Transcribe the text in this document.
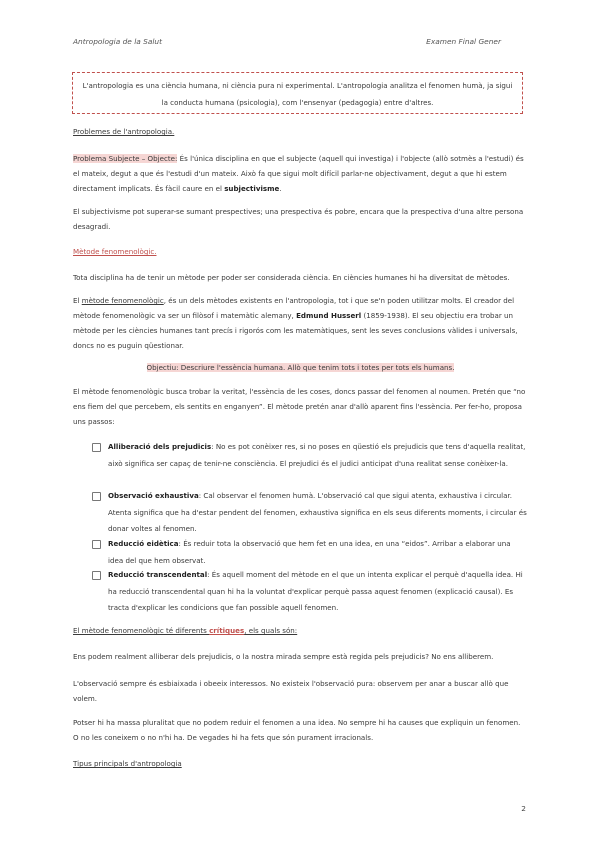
Antropologia de la Salut	Examen Final Gener
L'antropologia es una ciència humana, ni ciència pura ni experimental. L'antropologia analitza el fenomen humà, ja sigui la conducta humana (psicologia), com l'ensenyar (pedagogia) entre d'altres.

Problemes de l'antropologia.

Problema Subjecte – Objecte: És l'única disciplina en que el subjecte (aquell qui investiga) i l'objecte (allò sotmès a l'estudi) és el mateix, degut a que és l'estudi d'un mateix. Això fa que sigui molt difícil parlar-ne objectivament, degut a que hi estem directament implicats. És fàcil caure en el subjectivisme.

El subjectivisme pot superar-se sumant prespectives; una prespectiva és pobre, encara que la prespectiva d'una altre persona desagradi.

Mètode fenomenològic.

Tota disciplina ha de tenir un mètode per poder ser considerada ciència. En ciències humanes hi ha diversitat de mètodes.

El mètode fenomenològic, és un dels mètodes existents en l'antropologia, tot i que se'n poden utilitzar molts. El creador del mètode fenomenològic va ser un filòsof i matemàtic alemany, Edmund Husserl (1859-1938). El seu objectiu era trobar un mètode per les ciències humanes tant precís i rigorós com les matemàtiques, sent les seves conclusions vàlides i universals, doncs no es puguin qüestionar.

Objectiu: Descriure l'essència humana. Allò que tenim tots i totes per tots els humans.

El mètode fenomenològic busca trobar la veritat, l'essència de les coses, doncs passar del fenomen al noumen. Pretén que “no ens fiem del que percebem, els sentits en enganyen”. El mètode pretén anar d'allò aparent fins l'essència. Per fer-ho, proposa uns passos:

Alliberació dels prejudicis: No es pot conèixer res, si no poses en qüestió els prejudicis que tens d'aquella realitat, això significa ser capaç de tenir-ne consciència. El prejudici és el judici anticipat d'una realitat sense conèixer-la.

Observació exhaustiva: Cal observar el fenomen humà. L'observació cal que sigui atenta, exhaustiva i circular. Atenta significa que ha d'estar pendent del fenomen, exhaustiva significa en els seus diferents moments, i circular és donar voltes al fenomen.

Reducció eidètica: És reduir tota la observació que hem fet en una idea, en una “eidos”. Arribar a elaborar una idea del que hem observat.

Reducció transcendental: És aquell moment del mètode en el que un intenta explicar el perquè d'aquella idea. Hi ha reducció transcendental quan hi ha la voluntat d'explicar perquè passa aquest fenomen (explicació causal). Es tracta d'explicar les condicions que fan possible aquell fenomen.

El mètode fenomenològic té diferents crítiques, els quals són:

Ens podem realment alliberar dels prejudicis, o la nostra mirada sempre està regida pels prejudicis? No ens alliberem.

L'observació sempre és esbiaixada i obeeix interessos. No existeix l'observació pura: observem per anar a buscar allò que volem.

Potser hi ha massa pluralitat que no podem reduir el fenomen a una idea. No sempre hi ha causes que expliquin un fenomen. O no les coneixem o no n'hi ha. De vegades hi ha fets que són purament irracionals.

Tipus principals d'antropologia

2
